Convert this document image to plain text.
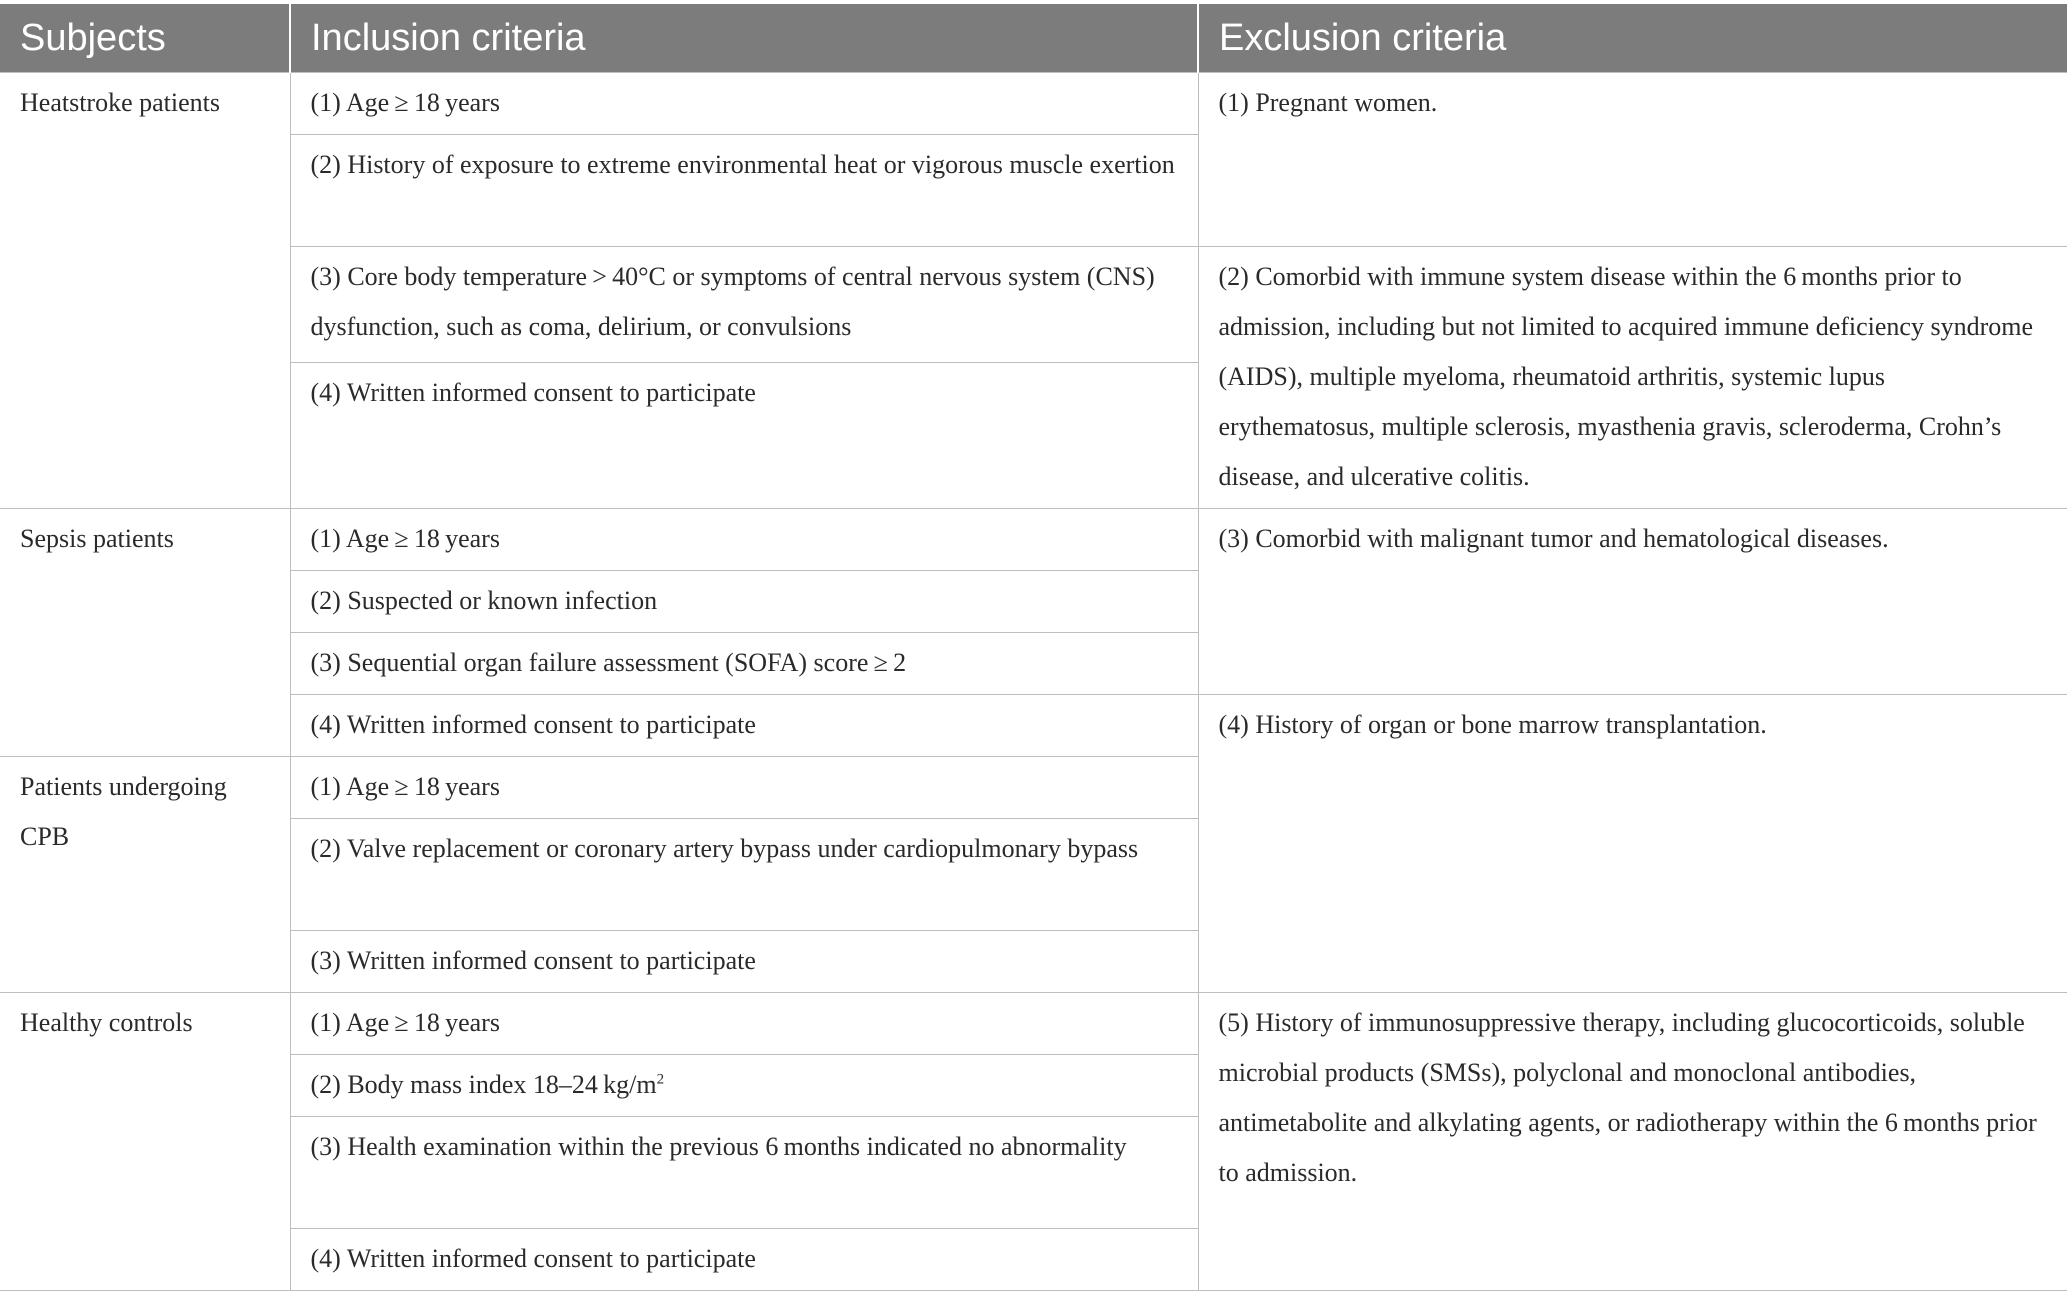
Subjects	Inclusion criteria	Exclusion criteria
Heatstroke patients	(1) Age ≥ 18 years	(1) Pregnant women.
	(2) History of exposure to extreme environmental heat or vigorous muscle exertion	
	(3) Core body temperature > 40°C or symptoms of central nervous system (CNS) dysfunction, such as coma, delirium, or convulsions	(2) Comorbid with immune system disease within the 6 months prior to admission, including but not limited to acquired immune deficiency syndrome (AIDS), multiple myeloma, rheumatoid arthritis, systemic lupus erythematosus, multiple sclerosis, myasthenia gravis, scleroderma, Crohn’s disease, and ulcerative colitis.
	(4) Written informed consent to participate	
Sepsis patients	(1) Age ≥ 18 years	(3) Comorbid with malignant tumor and hematological diseases.
	(2) Suspected or known infection	
	(3) Sequential organ failure assessment (SOFA) score ≥ 2	
	(4) Written informed consent to participate	(4) History of organ or bone marrow transplantation.
Patients undergoing CPB	(1) Age ≥ 18 years	
	(2) Valve replacement or coronary artery bypass under cardiopulmonary bypass	
	(3) Written informed consent to participate	
Healthy controls	(1) Age ≥ 18 years	(5) History of immunosuppressive therapy, including glucocorticoids, soluble microbial products (SMSs), polyclonal and monoclonal antibodies, antimetabolite and alkylating agents, or radiotherapy within the 6 months prior to admission.
	(2) Body mass index 18–24 $kg/m^2$
	(3) Health examination within the previous 6 months indicated no abnormality	
	(4) Written informed consent to participate	
